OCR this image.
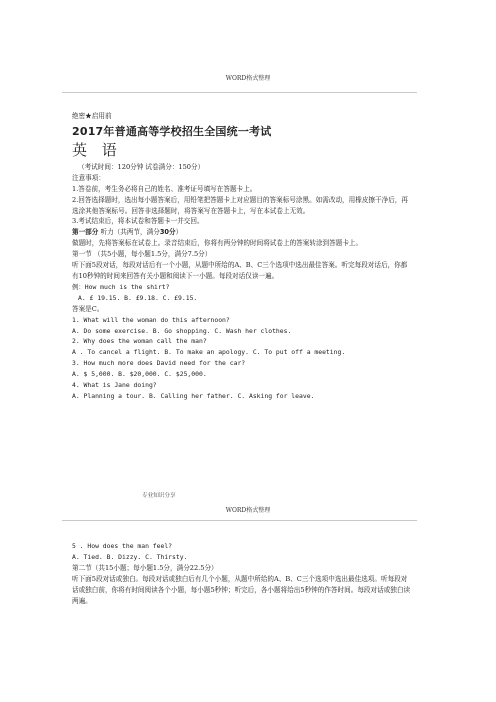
WORD格式整理
绝密★启用前
2017年普通高等学校招生全国统一考试
英 语
（考试时间：120分钟 试卷满分：150分）
注意事项：
1.答卷前，考生务必将自己的姓名、准考证号填写在答题卡上。
2.回答选择题时，选出每小题答案后，用铅笔把答题卡上对应题目的答案标号涂黑。如需改动，用橡皮擦干净后，再选涂其他答案标号。回答非选择题时，将答案写在答题卡上，写在本试卷上无效。
3.考试结束后，将本试卷和答题卡一并交回。
第一部分 听力（共两节，满分30分）
做题时，先将答案标在试卷上。录音结束后，你将有两分钟的时间将试卷上的答案转涂到答题卡上。
第一节 （共5小题，每小题1.5分，满分7.5分）
听下面5段对话，每段对话后有一个小题，从题中所给的A、B、C三个选项中选出最佳答案。听完每段对话后，你都有10秒钟的时间来回答有关小题和阅读下一小题。每段对话仅读一遍。
例：How much is the shirt?
A. £ 19.15. B. £9.18. C. £9.15.
答案是C。
1. What will the woman do this afternoon?
A. Do some exercise. B. Go shopping. C. Wash her clothes.
2. Why does the woman call the man?
A . To cancel a flight. B. To make an apology. C. To put off a meeting.
3. How much more does David need for the car?
A. $ 5,000. B. $20,000. C. $25,000.
4. What is Jane doing?
A. Planning a tour. B. Calling her father. C. Asking for leave.
专业知识分享
WORD格式整理
5 . How does the man feel?
A. Tied. B. Dizzy. C. Thirsty.
第二节（共15小题；每小题1.5分，满分22.5分）
听下面5段对话或独白。每段对话或独白后有几个小题，从题中所给的A、B、C三个选项中选出最佳选项。听每段对话或独白前，你将有时间阅读各个小题，每小题5秒钟；听完后，各小题将给出5秒钟的作答时间。每段对话或独白读两遍。
